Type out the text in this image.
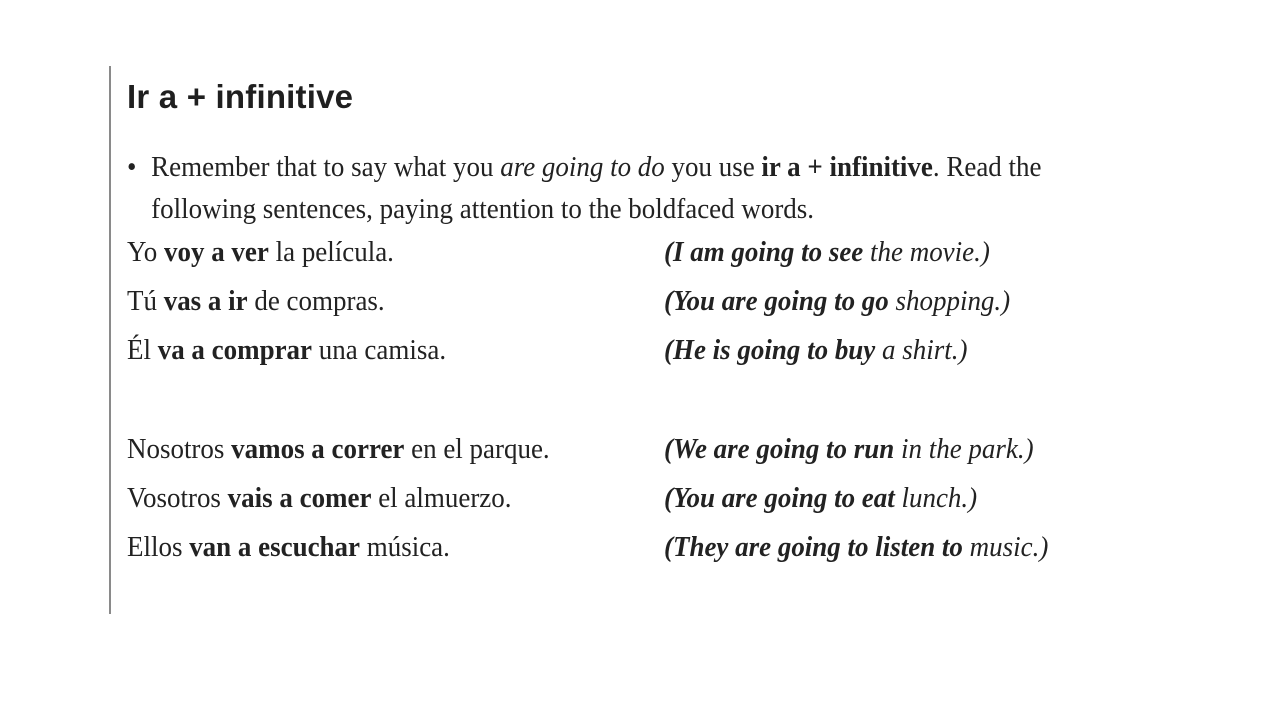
Ir a + infinitive
• Remember that to say what you are going to do you use ir a + infinitive. Read the following sentences, paying attention to the boldfaced words.
Yo voy a ver la película.	(I am going to see the movie.)
Tú vas a ir de compras.	(You are going to go shopping.)
Él va a comprar una camisa.	(He is going to buy a shirt.)
Nosotros vamos a correr en el parque.	(We are going to run in the park.)
Vosotros vais a comer el almuerzo.	(You are going to eat lunch.)
Ellos van a escuchar música.	(They are going to listen to music.)
